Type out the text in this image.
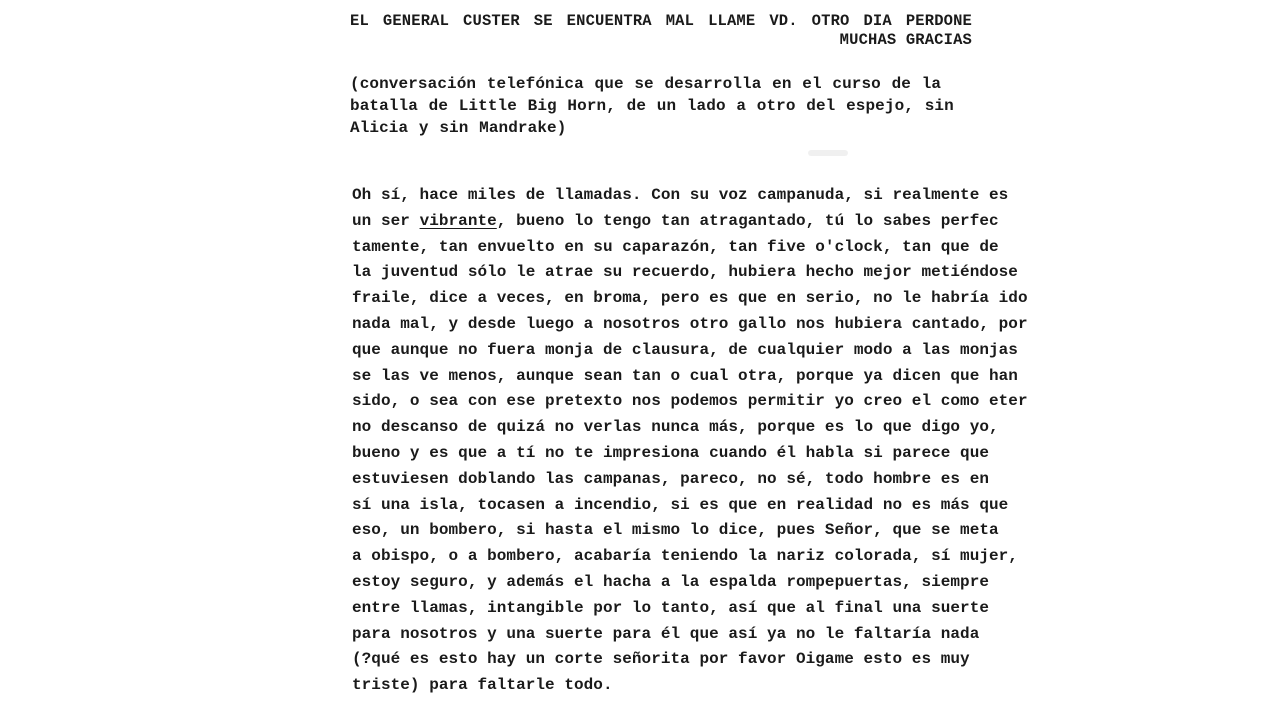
EL GENERAL CUSTER SE ENCUENTRA MAL LLAME VD. OTRO DIA PERDONE MUCHAS GRACIAS
(conversación telefónica que se desarrolla en el curso de la batalla de Little Big Horn, de un lado a otro del espejo, sin Alicia y sin Mandrake)
Oh sí, hace miles de llamadas. Con su voz campanuda, si realmente es
un ser vibrante, bueno lo tengo tan atragantado, tú lo sabes perfec
tamente, tan envuelto en su caparazón, tan five o'clock, tan que de
la juventud sólo le atrae su recuerdo, hubiera hecho mejor metiéndose
fraile, dice a veces, en broma, pero es que en serio, no le habría ido
nada mal, y desde luego a nosotros otro gallo nos hubiera cantado, por
que aunque no fuera monja de clausura, de cualquier modo a las monjas
se las ve menos, aunque sean tan o cual otra, porque ya dicen que han
sido, o sea con ese pretexto nos podemos permitir yo creo el como eter
no descanso de quizá no verlas nunca más, porque es lo que digo yo,
bueno y es que a tí no te impresiona cuando él habla si parece que
estuviesen doblando las campanas, pareco, no sé, todo hombre es en
sí una isla, tocasen a incendio, si es que en realidad no es más que
eso, un bombero, si hasta el mismo lo dice, pues Señor, que se meta
a obispo, o a bombero, acabaría teniendo la nariz colorada, sí mujer,
estoy seguro, y además el hacha a la espalda rompepuertas, siempre
entre llamas, intangible por lo tanto, así que al final una suerte
para nosotros y una suerte para él que así ya no le faltaría nada
(?qué es esto hay un corte señorita por favor Oigame esto es muy
triste) para faltarle todo.
